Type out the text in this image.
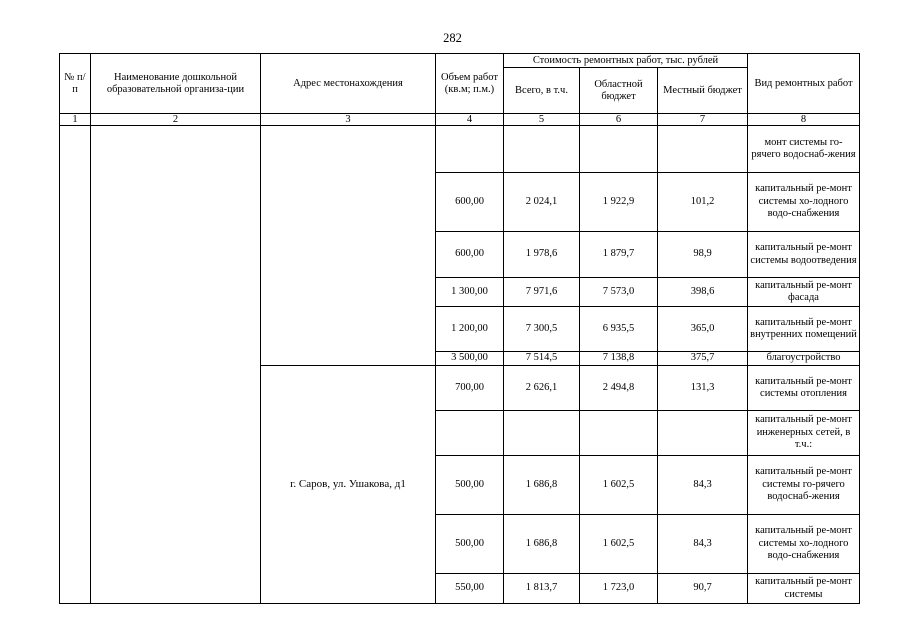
282
№ п/п	Наименование дошкольной образовательной организа-ции	Адрес местонахождения	Объем работ (кв.м; п.м.)	Стоимость ремонтных работ, тыс. рублей			Вид ремонтных работ
				Всего, в т.ч.	Областной бюджет	Местный бюджет	
1	2	3	4	5	6	7	8
							монт системы го-рячего водоснаб-жения
			600,00	2 024,1	1 922,9	101,2	капитальный ре-монт системы хо-лодного водо-снабжения
			600,00	1 978,6	1 879,7	98,9	капитальный ре-монт системы водоотведения
			1 300,00	7 971,6	7 573,0	398,6	капитальный ре-монт фасада
			1 200,00	7 300,5	6 935,5	365,0	капитальный ре-монт внутренних помещений
			3 500,00	7 514,5	7 138,8	375,7	благоустройство
		г. Саров, ул. Ушакова, д1	700,00	2 626,1	2 494,8	131,3	капитальный ре-монт системы отопления
							капитальный ре-монт инженерных сетей, в т.ч.:
			500,00	1 686,8	1 602,5	84,3	капитальный ре-монт системы го-рячего водоснаб-жения
			500,00	1 686,8	1 602,5	84,3	капитальный ре-монт системы хо-лодного водо-снабжения
			550,00	1 813,7	1 723,0	90,7	капитальный ре-монт системы
